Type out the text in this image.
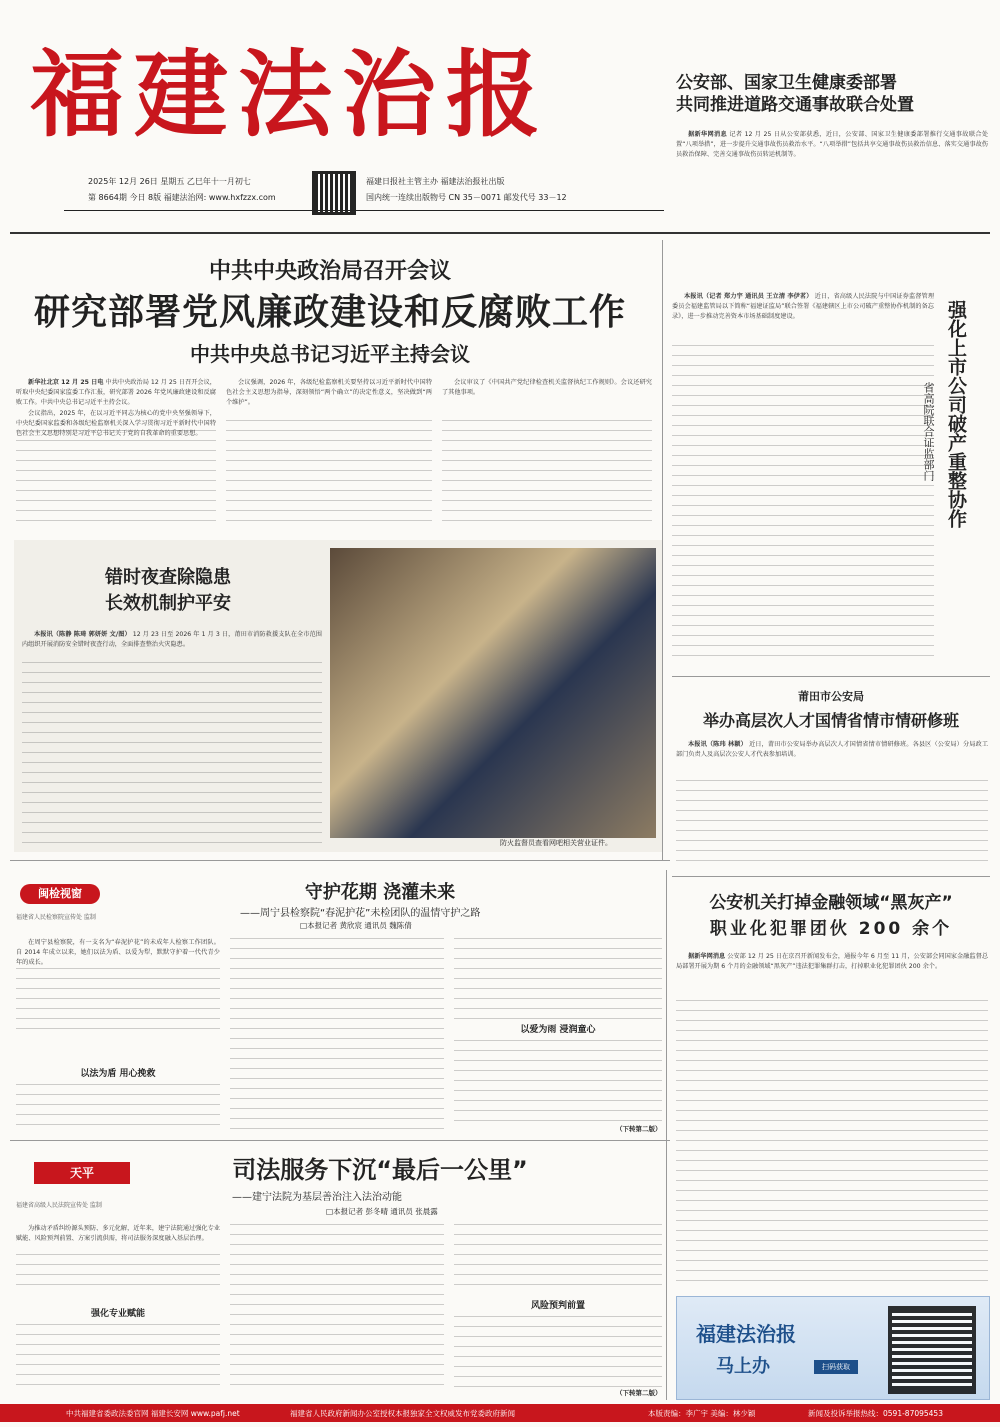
福建法治报
2025年 12月 26日 星期五 乙巳年十一月初七
第 8664期 今日 8版 福建法治网: www.hxfzzx.com
福建日报社主管主办 福建法治报社出版
国内统一连续出版物号 CN 35－0071 邮发代号 33－12
公安部、国家卫生健康委部署
共同推进道路交通事故联合处置
据新华网消息 记者 12 月 25 日从公安部获悉，近日，公安部、国家卫生健康委部署推行交通事故联合处置“八项举措”，进一步提升交通事故伤员救治水平。“八项举措”包括共享交通事故伤员救治信息、落实交通事故伤员救治保障、完善交通事故伤员转运机制等。
中共中央政治局召开会议
研究部署党风廉政建设和反腐败工作
中共中央总书记习近平主持会议

新华社北京 12 月 25 日电 中共中央政治局 12 月 25 日召开会议，听取中央纪委国家监委工作汇报，研究部署 2026 年党风廉政建设和反腐败工作。中共中央总书记习近平主持会议。

会议指出，2025 年，在以习近平同志为核心的党中央坚强领导下，中央纪委国家监委和各级纪检监察机关深入学习贯彻习近平新时代中国特色社会主义思想特别是习近平总书记关于党的自我革命的重要思想。

会议强调，2026 年，各级纪检监察机关要坚持以习近平新时代中国特色社会主义思想为指导，深刻领悟“两个确立”的决定性意义，坚决做到“两个维护”。

会议审议了《中国共产党纪律检查机关监督执纪工作规则》。会议还研究了其他事项。

本报讯（记者 郑力宇 通讯员 王立清 李伊茗） 近日，省高级人民法院与中国证券监督管理委员会福建监管局以下简称“福建证监局”联合签署《福建辖区上市公司破产重整协作机制的备忘录》，进一步推动完善资本市场基础制度建设。	强化上市公司破产重整协作
省高院联合证监部门
莆田市公安局
举办高层次人才国情省情市情研修班
本报讯（陈玮 林颖） 近日，莆田市公安局举办高层次人才国情省情市情研修班。各县区（公安局）分局政工部门负责人及高层次公安人才代表参加培训。
公安机关打掉金融领域“黑灰产”
职业化犯罪团伙 200 余个
据新华网消息 公安部 12 月 25 日在京召开新闻发布会，通报今年 6 月至 11 月，公安部会同国家金融监督总局部署开展为期 6 个月的金融领域“黑灰产”违法犯罪集群打击，打掉职业化犯罪团伙 200 余个。
错时夜查除隐患
长效机制护平安
本报讯（陈静 陈琦 郭妍妍 文/图） 12 月 23 日至 2026 年 1 月 3 日，莆田市消防救援支队在全市范围内组织开展消防安全错时夜查行动，全面排查整治火灾隐患。
防火监督员查看网吧相关营业证件。
闽检视窗
福建省人民检察院宣传处 监制
守护花期 浇灌未来
——周宁县检察院“春泥护花”未检团队的温情守护之路
□本报记者 黄欣宸 通讯员 魏陈倩
在周宁县检察院，有一支名为“春泥护花”的未成年人检察工作团队。自 2014 年成立以来，她们以法为盾、以爱为犁，默默守护着一代代青少年的成长。
以法为盾 用心挽救
以爱为雨 浸润童心
（下转第二版）
天平
福建省高级人民法院宣传处 监制
司法服务下沉“最后一公里”
——建宁法院为基层善治注入法治动能
□本报记者 彭冬晴 通讯员 张晨露
为推动矛盾纠纷源头预防、多元化解，近年来，建宁法院通过强化专业赋能、风险预判前置、方案引流供需，将司法服务深度融入基层治理。
强化专业赋能
风险预判前置
（下转第二版）
福建法治报
马上办	扫码获取
中共福建省委政法委官网 福建长安网 www.pafj.net	福建省人民政府新闻办公室授权本报独家全文权威发布党委政府新闻	本版责编：李广宇 美编：林少颖	新闻及投诉举报热线：0591-87095453
